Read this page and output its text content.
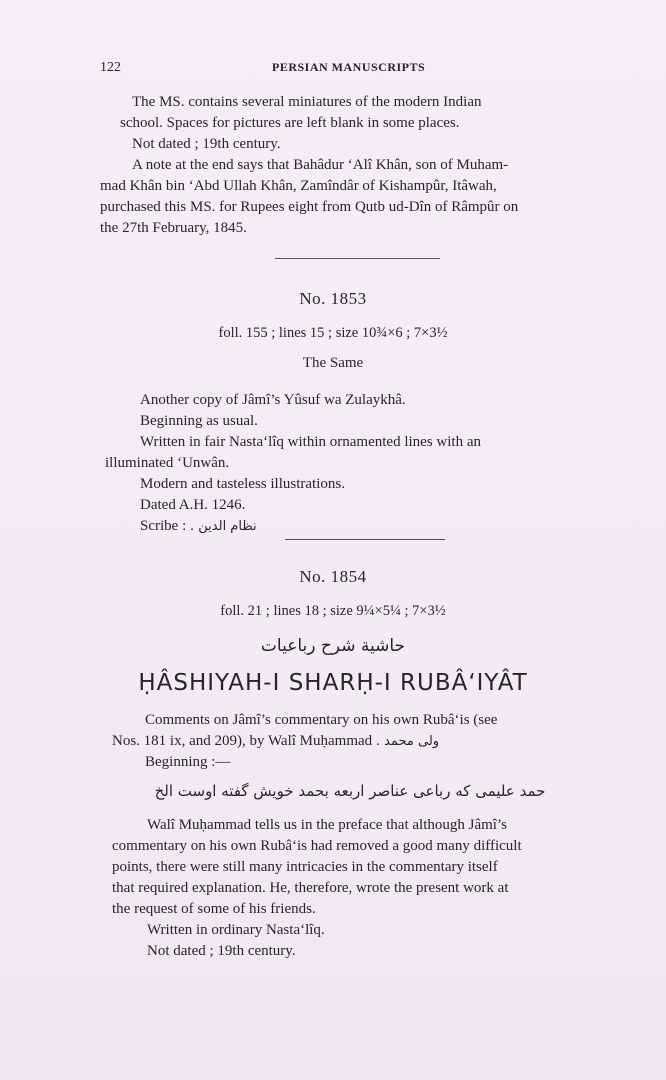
122	PERSIAN MANUSCRIPTS
The MS. contains several miniatures of the modern Indian
school. Spaces for pictures are left blank in some places.
Not dated ; 19th century.
A note at the end says that Bahâdur ‘Alî Khân, son of Muham-
mad Khân bin ‘Abd Ullah Khân, Zamîndâr of Kishampûr, Itâwah,
purchased this MS. for Rupees eight from Qutb ud-Dîn of Râmpûr on
the 27th February, 1845.
No. 1853
foll. 155 ; lines 15 ; size 10¾×6 ; 7×3½
The Same
Another copy of Jâmî’s Yûsuf wa Zulaykhâ.
Beginning as usual.
Written in fair Nasta‘lîq within ornamented lines with an
illuminated ‘Unwân.
Modern and tasteless illustrations.
Dated A.H. 1246.
Scribe : نظام الدين .
No. 1854
foll. 21 ; lines 18 ; size 9¼×5¼ ; 7×3½
حاشية شرح رباعيات
ḤÂSHIYAH-I SHARḤ-I RUBÂ‘IYÂT
Comments on Jâmî’s commentary on his own Rubâ‘is (see
Nos. 181 ix, and 209), by Walî Muḥammad ولی محمد .
Beginning :—
حمد عليمی که رباعی عناصر اربعه بحمد خویش گفته اوست الخ
Walî Muḥammad tells us in the preface that although Jâmî’s
commentary on his own Rubâ‘is had removed a good many difficult
points, there were still many intricacies in the commentary itself
that required explanation. He, therefore, wrote the present work at
the request of some of his friends.
Written in ordinary Nasta‘lîq.
Not dated ; 19th century.
